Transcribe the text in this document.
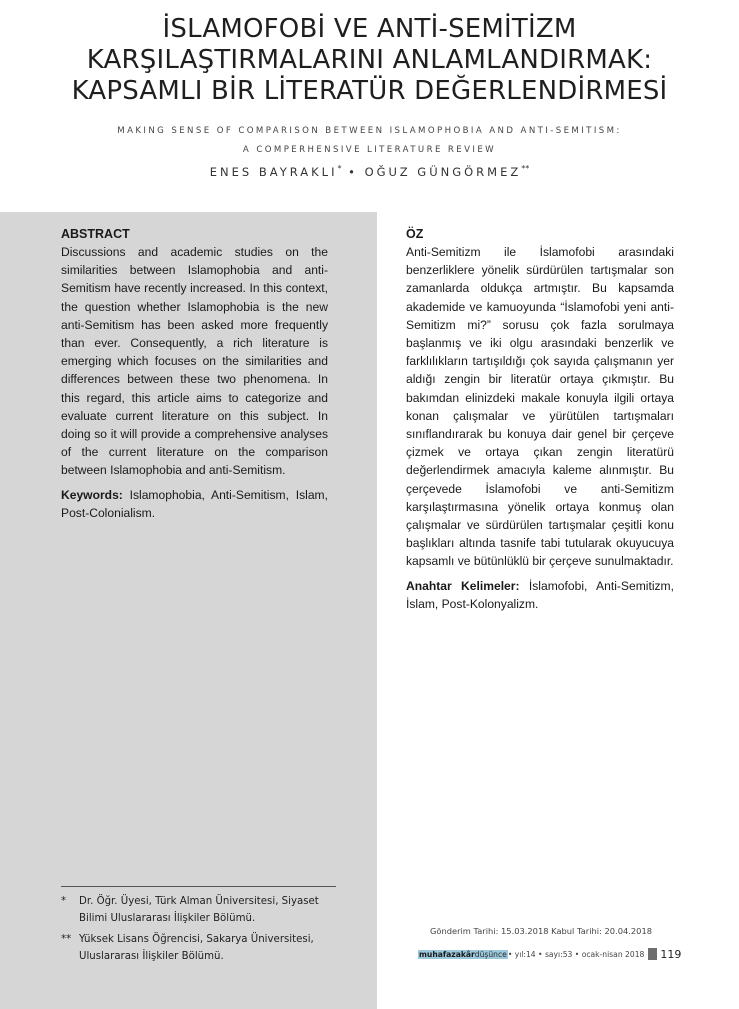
İSLAMOFOBİ VE ANTİ-SEMİTİZM
KARŞILAŞTIRMALARINI ANLAMLANDIRMAK:
KAPSAMLI BİR LİTERATÜR DEĞERLENDİRMESİ
MAKING SENSE OF COMPARISON BETWEEN ISLAMOPHOBIA AND ANTI-SEMITISM:
A COMPERHENSIVE LITERATURE REVIEW
ENES BAYRAKLI* • OĞUZ GÜNGÖRMEZ**
ABSTRACT

Discussions and academic studies on the similarities between Islamophobia and anti-Semitism have recently increased. In this context, the question whether Islamophobia is the new anti-Semitism has been asked more frequently than ever. Consequently, a rich literature is emerging which focuses on the similarities and differences between these two phenomena. In this regard, this article aims to categorize and evaluate current literature on this subject. In doing so it will provide a comprehensive analyses of the current literature on the comparison between Islamophobia and anti-Semitism.

Keywords: Islamophobia, Anti-Semitism, Islam, Post-Colonialism.

ÖZ

Anti-Semitizm ile İslamofobi arasındaki benzerliklere yönelik sürdürülen tartışmalar son zamanlarda oldukça artmıştır. Bu kapsamda akademide ve kamuoyunda “İslamofobi yeni anti-Semitizm mi?” sorusu çok fazla sorulmaya başlanmış ve iki olgu arasındaki benzerlik ve farklılıkların tartışıldığı çok sayıda çalışmanın yer aldığı zengin bir literatür ortaya çıkmıştır. Bu bakımdan elinizdeki makale konuyla ilgili ortaya konan çalışmalar ve yürütülen tartışmaları sınıflandırarak bu konuya dair genel bir çerçeve çizmek ve ortaya çıkan zengin literatürü değerlendirmek amacıyla kaleme alınmıştır. Bu çerçevede İslamofobi ve anti-Semitizm karşılaştırmasına yönelik ortaya konmuş olan çalışmalar ve sürdürülen tartışmalar çeşitli konu başlıkları altında tasnife tabi tutularak okuyucuya kapsamlı ve bütünlüklü bir çerçeve sunulmaktadır.

Anahtar Kelimeler: İslamofobi, Anti-Semitizm, İslam, Post-Kolonyalizm.

*	Dr. Öğr. Üyesi, Türk Alman Üniversitesi, Siyaset Bilimi Uluslararası İlişkiler Bölümü.
** Yüksek Lisans Öğrencisi, Sakarya Üniversitesi, Uluslararası İlişkiler Bölümü.
Gönderim Tarihi: 15.03.2018 Kabul Tarihi: 20.04.2018
muhafazakârdüşünce • yıl:14 • sayı:53 • ocak-nisan 2018 119
